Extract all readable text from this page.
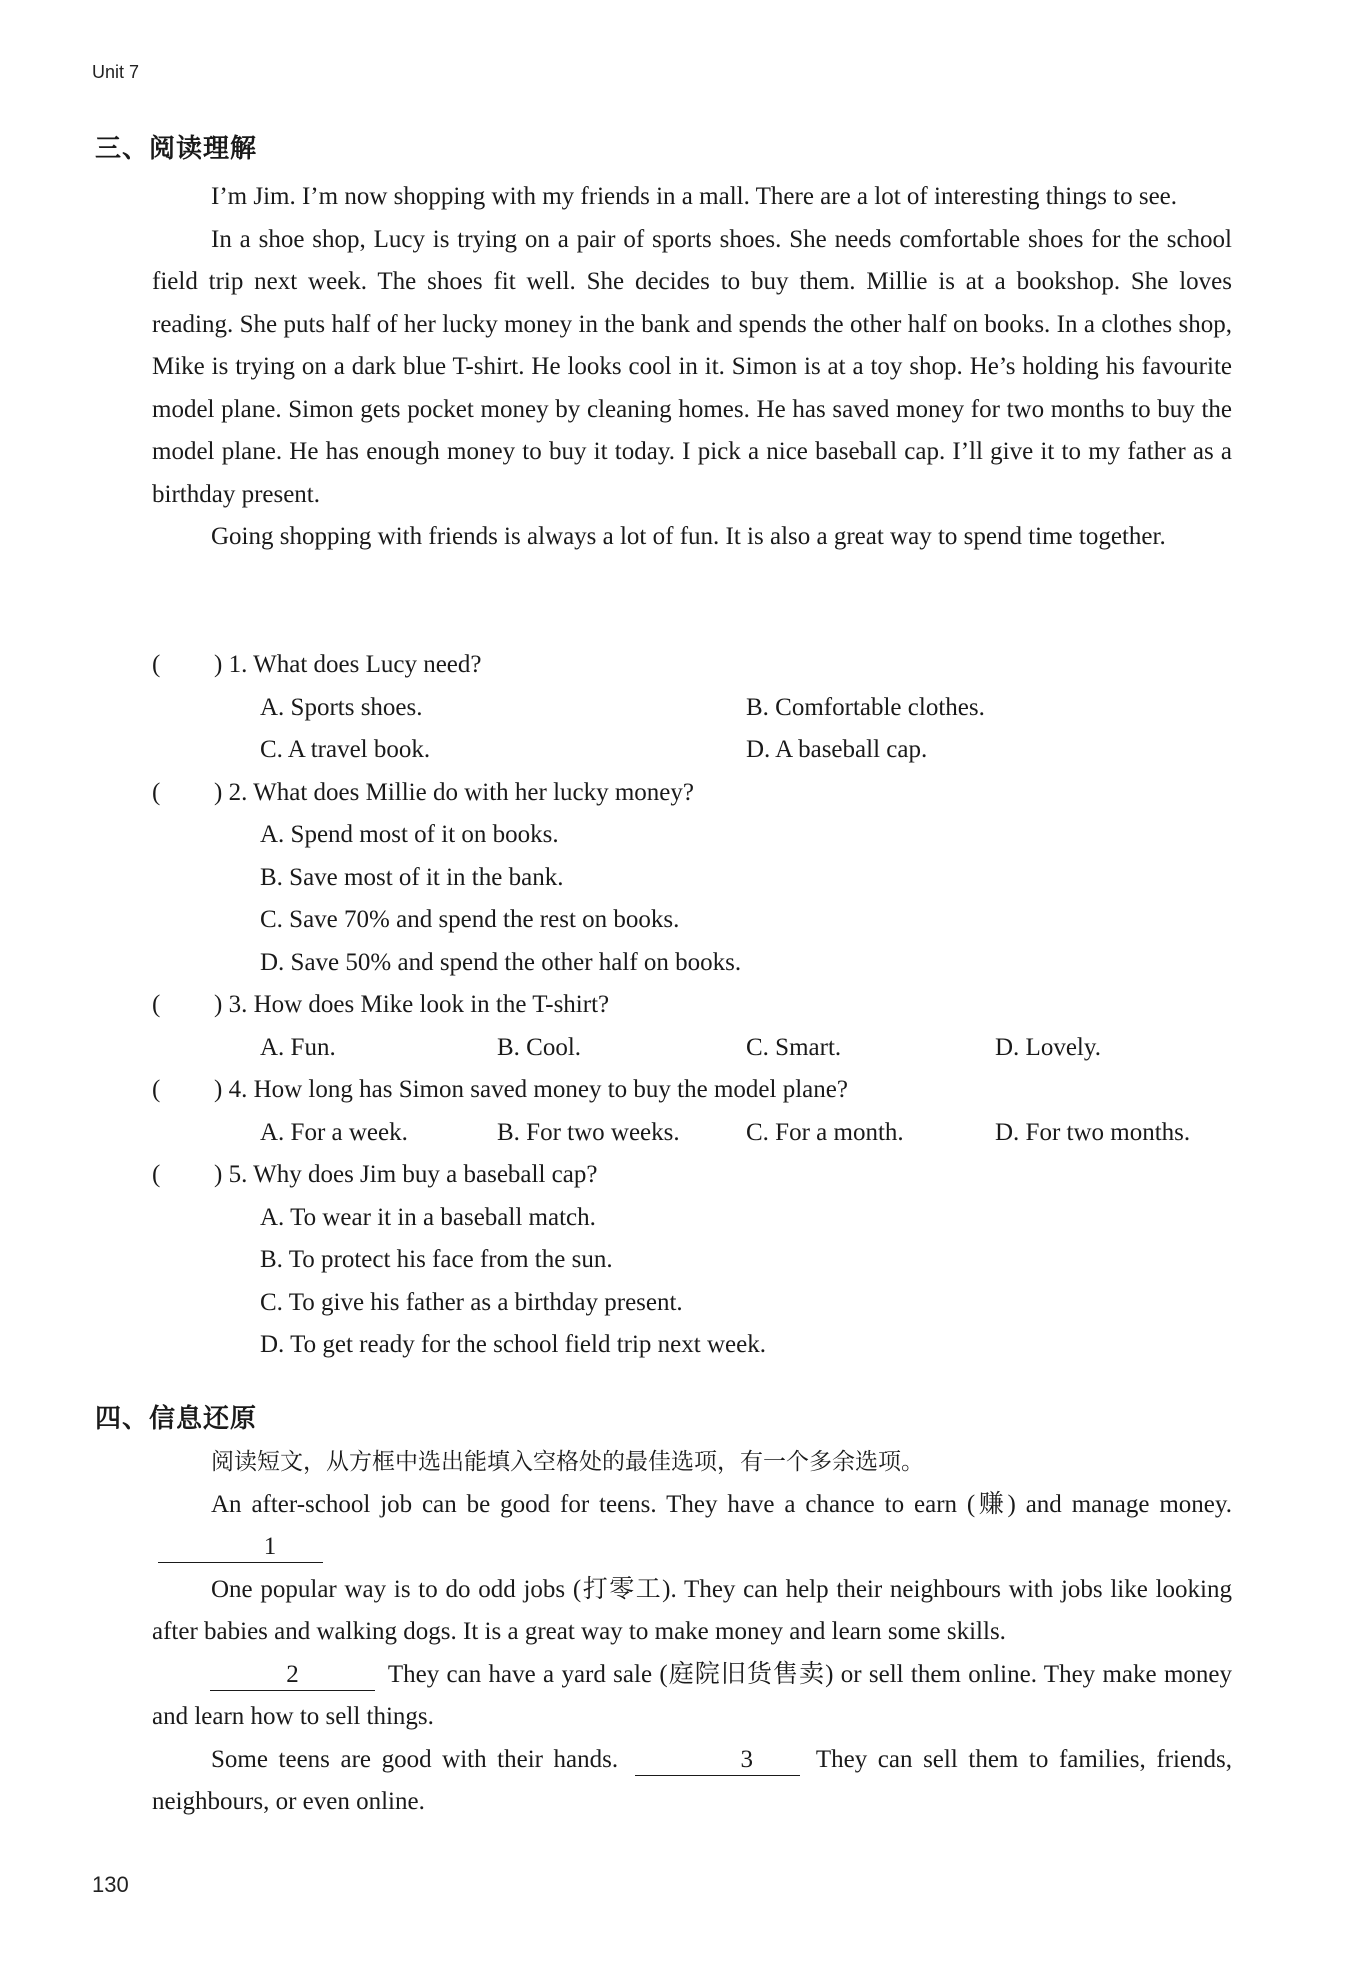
Unit 7
三、阅读理解

I’m Jim. I’m now shopping with my friends in a mall. There are a lot of interesting things to see.

In a shoe shop, Lucy is trying on a pair of sports shoes. She needs comfortable shoes for the school field trip next week. The shoes fit well. She decides to buy them. Millie is at a bookshop. She loves reading. She puts half of her lucky money in the bank and spends the other half on books. In a clothes shop, Mike is trying on a dark blue T-shirt. He looks cool in it. Simon is at a toy shop. He’s holding his favourite model plane. Simon gets pocket money by cleaning homes. He has saved money for two months to buy the model plane. He has enough money to buy it today. I pick a nice baseball cap. I’ll give it to my father as a birthday present.

Going shopping with friends is always a lot of fun. It is also a great way to spend time together.

( ) 1. What does Lucy need?
A. Sports shoes.	B. Comfortable clothes.
C. A travel book.	D. A baseball cap.
( ) 2. What does Millie do with her lucky money?
A. Spend most of it on books.
B. Save most of it in the bank.
C. Save 70% and spend the rest on books.
D. Save 50% and spend the other half on books.
( ) 3. How does Mike look in the T-shirt?
A. Fun.	B. Cool.	C. Smart.	D. Lovely.
( ) 4. How long has Simon saved money to buy the model plane?
A. For a week.	B. For two weeks.	C. For a month.	D. For two months.
( ) 5. Why does Jim buy a baseball cap?
A. To wear it in a baseball match.
B. To protect his face from the sun.
C. To give his father as a birthday present.
D. To get ready for the school field trip next week.
四、信息还原

阅读短文，从方框中选出能填入空格处的最佳选项，有一个多余选项。

An after-school job can be good for teens. They have a chance to earn (赚) and manage money.1

One popular way is to do odd jobs (打零工). They can help their neighbours with jobs like looking after babies and walking dogs. It is a great way to make money and learn some skills.

2	They can have a yard sale (庭院旧货售卖) or sell them online. They make money and learn how to sell things.

Some teens are good with their hands.	3	They can sell them to families, friends, neighbours, or even online.

130
